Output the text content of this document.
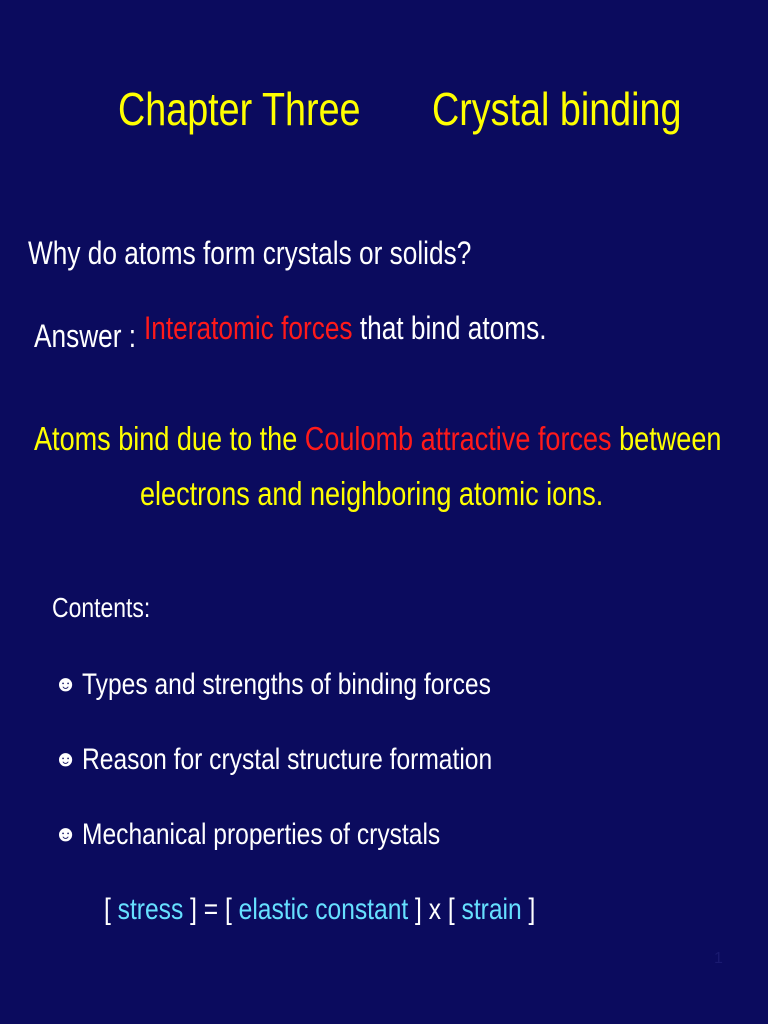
Chapter Three	Crystal binding
Why do atoms form crystals or solids?
Answer : Interatomic forces that bind atoms.
Atoms bind due to the Coulomb attractive forces between
electrons and neighboring atomic ions.
Contents:
☻ Types and strengths of binding forces
☻ Reason for crystal structure formation
☻ Mechanical properties of crystals
[ stress ] = [ elastic constant ] x [ strain ]
1
